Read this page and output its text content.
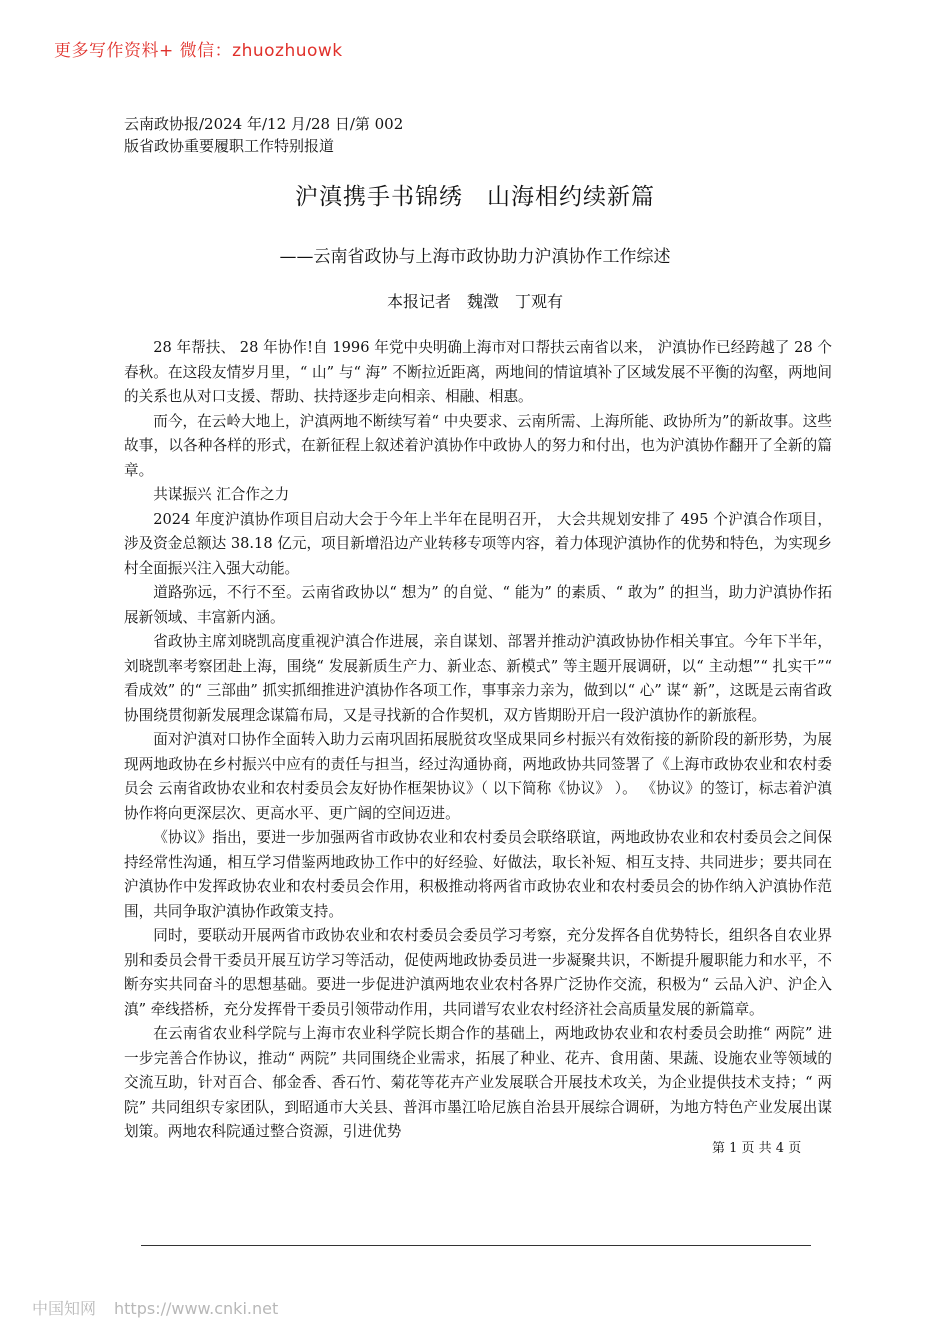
更多写作资料+ 微信：zhuozhuowk
云南政协报/2024 年/12 月/28 日/第 002
版省政协重要履职工作特别报道
沪滇携手书锦绣　山海相约续新篇
——云南省政协与上海市政协助力沪滇协作工作综述
本报记者　魏澂　丁观有

28 年帮扶、 28 年协作!自 1996 年党中央明确上海市对口帮扶云南省以来， 沪滇协作已经跨越了 28 个春秋。在这段友情岁月里，“ 山” 与“ 海” 不断拉近距离，两地间的情谊填补了区域发展不平衡的沟壑，两地间的关系也从对口支援、帮助、扶持逐步走向相亲、相融、相惠。

而今，在云岭大地上，沪滇两地不断续写着“ 中央要求、云南所需、上海所能、政协所为”的新故事。这些故事，以各种各样的形式，在新征程上叙述着沪滇协作中政协人的努力和付出，也为沪滇协作翻开了全新的篇章。

共谋振兴 汇合作之力

2024 年度沪滇协作项目启动大会于今年上半年在昆明召开， 大会共规划安排了 495 个沪滇合作项目，涉及资金总额达 38.18 亿元，项目新增沿边产业转移专项等内容，着力体现沪滇协作的优势和特色，为实现乡村全面振兴注入强大动能。

道路弥远，不行不至。云南省政协以“ 想为” 的自觉、“ 能为” 的素质、“ 敢为” 的担当，助力沪滇协作拓展新领域、丰富新内涵。

省政协主席刘晓凯高度重视沪滇合作进展，亲自谋划、部署并推动沪滇政协协作相关事宜。今年下半年，刘晓凯率考察团赴上海，围绕“ 发展新质生产力、新业态、新模式” 等主题开展调研，以“ 主动想”“ 扎实干”“ 看成效” 的“ 三部曲” 抓实抓细推进沪滇协作各项工作，事事亲力亲为，做到以“ 心” 谋“ 新”，这既是云南省政协围绕贯彻新发展理念谋篇布局，又是寻找新的合作契机，双方皆期盼开启一段沪滇协作的新旅程。

面对沪滇对口协作全面转入助力云南巩固拓展脱贫攻坚成果同乡村振兴有效衔接的新阶段的新形势，为展现两地政协在乡村振兴中应有的责任与担当，经过沟通协商，两地政协共同签署了《上海市政协农业和农村委员会 云南省政协农业和农村委员会友好协作框架协议》（ 以下简称《协议》 ）。 《协议》的签订，标志着沪滇协作将向更深层次、更高水平、更广阔的空间迈进。

《协议》指出，要进一步加强两省市政协农业和农村委员会联络联谊，两地政协农业和农村委员会之间保持经常性沟通，相互学习借鉴两地政协工作中的好经验、好做法，取长补短、相互支持、共同进步；要共同在沪滇协作中发挥政协农业和农村委员会作用，积极推动将两省市政协农业和农村委员会的协作纳入沪滇协作范围，共同争取沪滇协作政策支持。

同时，要联动开展两省市政协农业和农村委员会委员学习考察，充分发挥各自优势特长，组织各自农业界别和委员会骨干委员开展互访学习等活动，促使两地政协委员进一步凝聚共识，不断提升履职能力和水平，不断夯实共同奋斗的思想基础。要进一步促进沪滇两地农业农村各界广泛协作交流，积极为“ 云品入沪、沪企入滇” 牵线搭桥，充分发挥骨干委员引领带动作用，共同谱写农业农村经济社会高质量发展的新篇章。

在云南省农业科学院与上海市农业科学院长期合作的基础上，两地政协农业和农村委员会助推“ 两院” 进一步完善合作协议，推动“ 两院” 共同围绕企业需求，拓展了种业、花卉、食用菌、果蔬、设施农业等领域的交流互助，针对百合、郁金香、香石竹、菊花等花卉产业发展联合开展技术攻关，为企业提供技术支持；“ 两院” 共同组织专家团队，到昭通市大关县、普洱市墨江哈尼族自治县开展综合调研，为地方特色产业发展出谋划策。两地农科院通过整合资源，引进优势

第 1 页 共 4 页
中国知网 https://www.cnki.net
